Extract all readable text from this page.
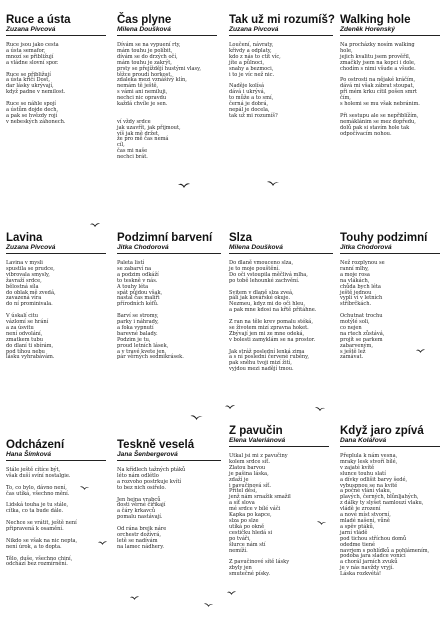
Ruce a ústa
Zuzana Pivcová
Ruce jsou jako cesta
a ústa semafor,
mnozí se přibližují
a vládne slovní spor.
Ruce se přibližují
a ústa křičí Dost,
dar lásky ukrývají,
když padne v nemilost.
Ruce se náhle spojí
a ústům dojde dech,
a pak se hvězdy rojí
v nebeských záhonech.
Čas plyne
Milena Doušková
Dívám se na vypuení rty,
mám touhu je políbit,
dívám se do drzých očí,
mám touhu je zakrýt,
prsty se přejíždějí hustými vlasy,
těžce proudí horkost,
zdaleka mezi vznášivý klín,
nemám tě ještě,
s vámi ani nemiluji,
nechci nic opravdu
každá chvíle je sen.

ví vždy srdce
jak uzavřít, jak přijmout,
víš jak mě držet,
že pro mě čas nemá
cíl,
čas mi naše
nechci brát.
Tak už mi rozumíš?
Zuzana Pivcová
Loučení, návraty,
křivdy a odplaty,
kdo z nás to ctít víc,
jíte a půlnoci,
snahy a bezmoci,
i to je víc než nic.
Naděje kolísá
dává i ukrývá,
to může a to smí,
černá je dobrá,
nepál je docela,
tak už mi rozumíš?
Walking hole
Zdeněk Horenský
Na procházky nosím walking
hole,
jejich kvalitu jsem prověřil,
zmačkly jsem na kopci i dole,
chodím s nimi všude a všude.
Po ostrosti na nějaké kráčím,
dává mi však zábrat stoupat,
při mém krku cítil pošen smrt
čím,
s holemi se mu však nebránim.
Při sestupu ale se nepřiblížím,
nemáklánim se mez dopředu,
dolů pak si stavím hole tak
odpočívacím nohou.
Lavina
Zuzana Pivcová
Lavina v mysli
spustila se prudce,
vibrovala smysly,
žavraží srdce,
bělostná síla
do oblak mě zvedá,
zavazená víra
do ní prominivala.
V úskalí citu
vázlomí se hrání
a za úsvitu
není odvolání,
zmatkem tubu
do dlaní ti sbírám,
pod tíhou nebu
lásku vyhrabávám.
Podzimní barvení
Jitka Chodorová
Paleta listí
se zabarví na
a podzim odkáží
to teskně v nás.
A touhy léta
spát půjdou však,
nastal čas malíři
přírodních kéfů.
Barví se stromy,
parky i náhrady,
a foka vypnutí
barevné balady.
Podzim je tu,
proud letních lásek,
a v travé kvete jen,
pár věrných sedmikrásek.
Slza
Milena Doušková
Do dlaně vmouceno slza,
je to moje pouštění.
Do oči vstoupila měčlivá mlha,
po tobě lehounké zachvění.
Svitem v dlaně slza zveá,
pálí jak kovářské okuje.
Nezmeu, kdyz mi do oči hleu,
a pak mne kdosi na křtě přitáhne.
Z ran na těle krev pomalu stéká,
se životem mizí zpravna hoket.
Zbývají jen mi ze mne odeká,
v bolesti zamyklám se na prostor.
Jak stráž poslední lenká zima
a s ní poslední červené ruběny,
pak sněhu tvoji mizí žití,
vyjdou mezi nadějí tmou.
Touhy podzimní
Jitka Chodorová
Než rozplynou se
ranní mlhy,
a moje rosa
na vlákách,
chůda bych léta
ještě jednou
vyplí ví v letních
stříbrčkách.
Ochutnat trochu
motýlé soli,
co nejen
na rtech zůstává,
projít se parkem
zabarveným,
s ještě lež
zamávat.
Odcházení
Hana Šímková
Stále ještě cítíce být,
však duší svíní nostalgie.
To, co bylo, dávno není,
čas utíká, všechno mění.
Lidská touha je tu stále,
cítka, co ta bude dále.
Nechce se vrátit, ještě není
připravená k osamění.
Nikdo se však na nic nepta,
není úrok, a to dopta.
Tělo, duše, všechno chiní,
odchází bez rozmírnění.
Teskně veselá
Jana Šenbergerová
Na křídlech tažných ptáků
léto nám odlétlo
a rozvoho postrkuje kvítí
to bez nich osiřelo.
Jen hejna vrabců
dosti věrné čiřikají
a čáry krkavců
pomalu nastávají.
Od rána brejk náre
orchestr dožívrá,
letě se nadívám
na lamec nádhery.
Z pavučin
Elena Valeriánová
Utkal jsi mi z pavučiny
kolem srdce síť.
Zlatou barvou
je pašina láska,
zdaží je
i pavučinová síť.
Přítel děsí,
jenž nám srnažik smažil
a síť slova
mé srdce v bílé váči
Kapka po kapce,
slza po slze
utíká po okně
cestičku hledá si
po tváři,
šlurce nám stí
nemíží.
Z pavučinové sítě lásky
zbyly jen
smutečné písky.
Když jaro zpívá
Dana Kolářová
Přeplula k nám vesna,
mraky lesk stvoří bílé,
v zajaté kvítě
slunce touhu slatí
a dívky odlišit barvy šedé,
vybuspnou se na kvité
a počné vlání vlaku,
plavých, černých, blůnljahých,
z dálky ty slyšet namlouzí vlaku,
vládě je zrození
a nové míst stvorní,
mladé našení, vůně
a spěv ptáků,
jarní vládě
pod tichou stříchou domů
odedme tiené
navrjem s pohlídků a pohlámením,
podoba jara sladce vonící
a chorál jarních zvuků
je v nás navždy vryjí.
Láska rozkvétá!
